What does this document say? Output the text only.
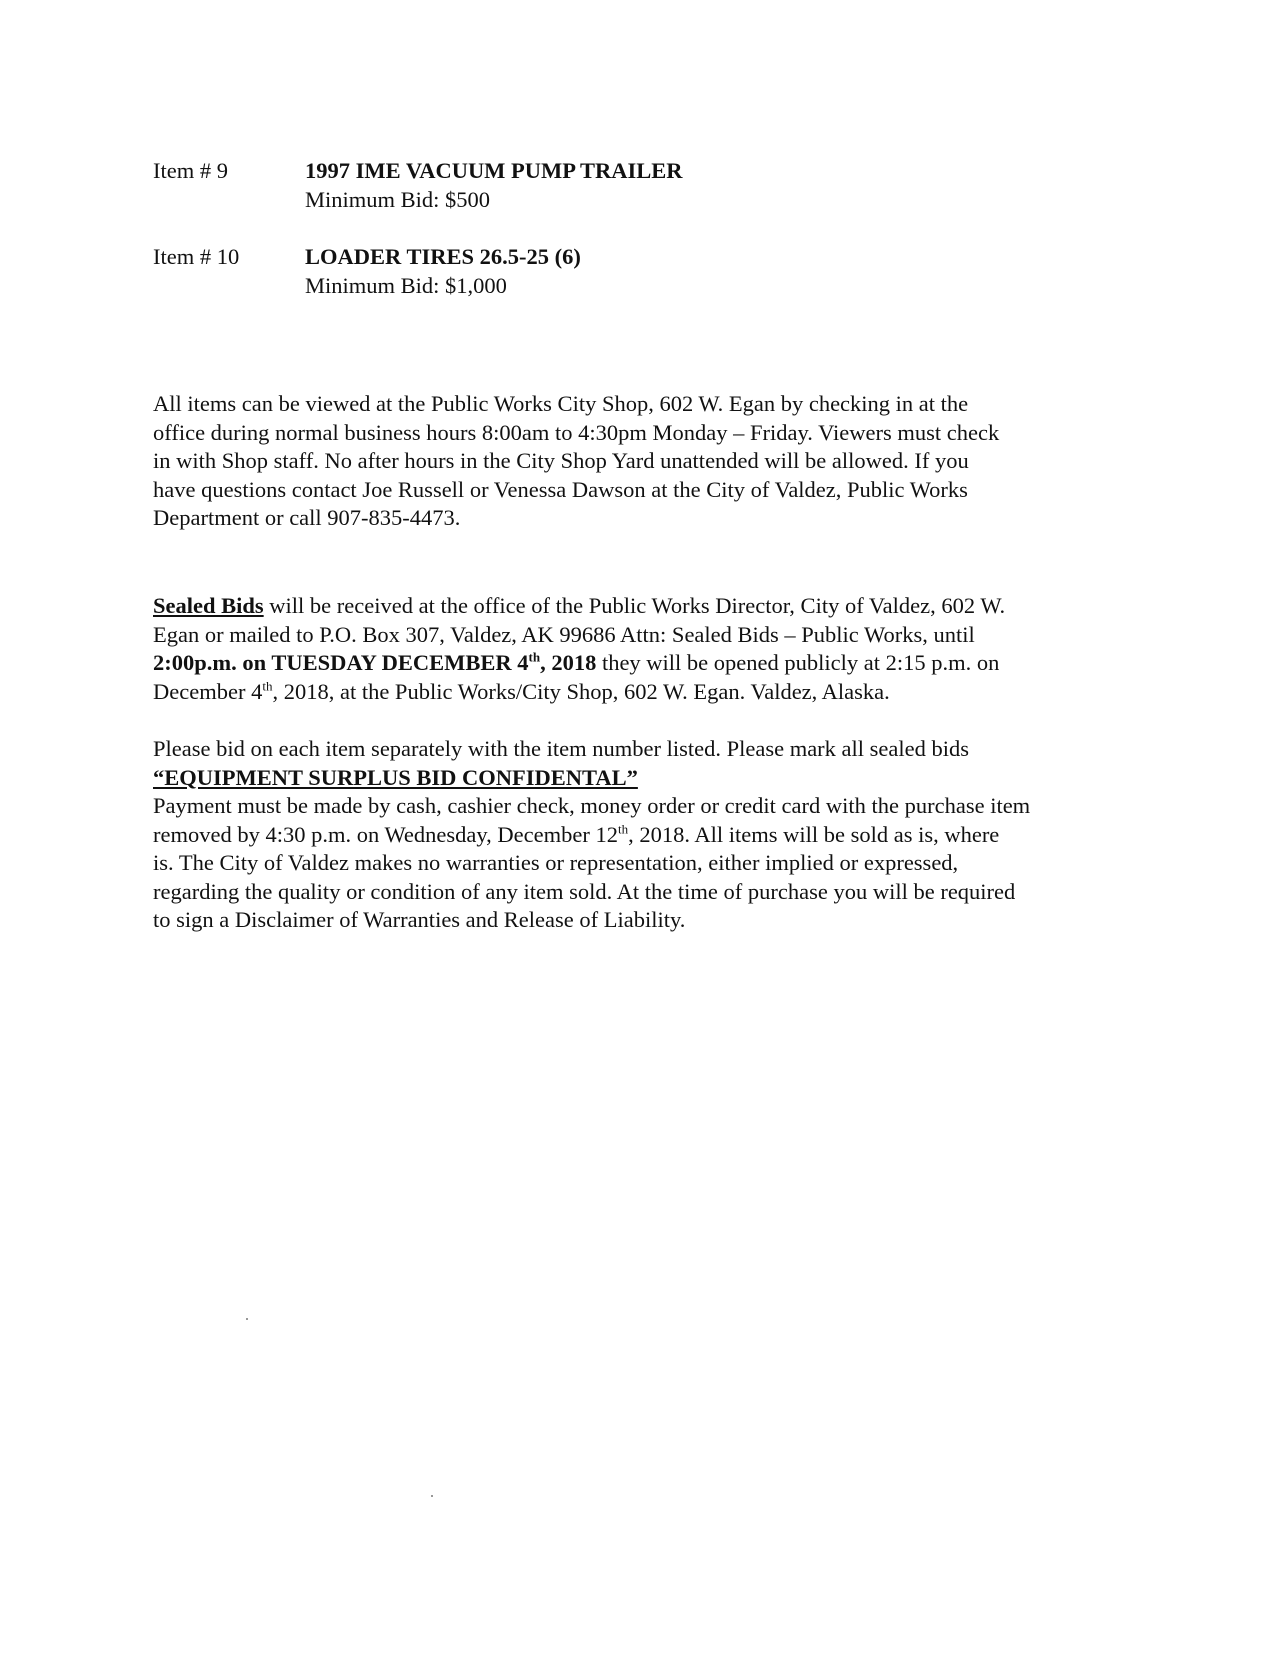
Item # 9	1997 IME VACUUM PUMP TRAILER
Minimum Bid: $500
Item # 10	LOADER TIRES 26.5-25 (6)
Minimum Bid: $1,000

All items can be viewed at the Public Works City Shop, 602 W. Egan by checking in at the

office during normal business hours 8:00am to 4:30pm Monday – Friday. Viewers must check

in with Shop staff. No after hours in the City Shop Yard unattended will be allowed. If you

have questions contact Joe Russell or Venessa Dawson at the City of Valdez, Public Works

Department or call 907-835-4473.

Sealed Bids will be received at the office of the Public Works Director, City of Valdez, 602 W.

Egan or mailed to P.O. Box 307, Valdez, AK 99686 Attn: Sealed Bids – Public Works, until

2:00p.m. on TUESDAY DECEMBER 4th, 2018 they will be opened publicly at 2:15 p.m. on

December 4th, 2018, at the Public Works/City Shop, 602 W. Egan. Valdez, Alaska.

Please bid on each item separately with the item number listed. Please mark all sealed bids

“EQUIPMENT SURPLUS BID CONFIDENTAL”

Payment must be made by cash, cashier check, money order or credit card with the purchase item

removed by 4:30 p.m. on Wednesday, December 12th, 2018. All items will be sold as is, where

is. The City of Valdez makes no warranties or representation, either implied or expressed,

regarding the quality or condition of any item sold. At the time of purchase you will be required

to sign a Disclaimer of Warranties and Release of Liability.
